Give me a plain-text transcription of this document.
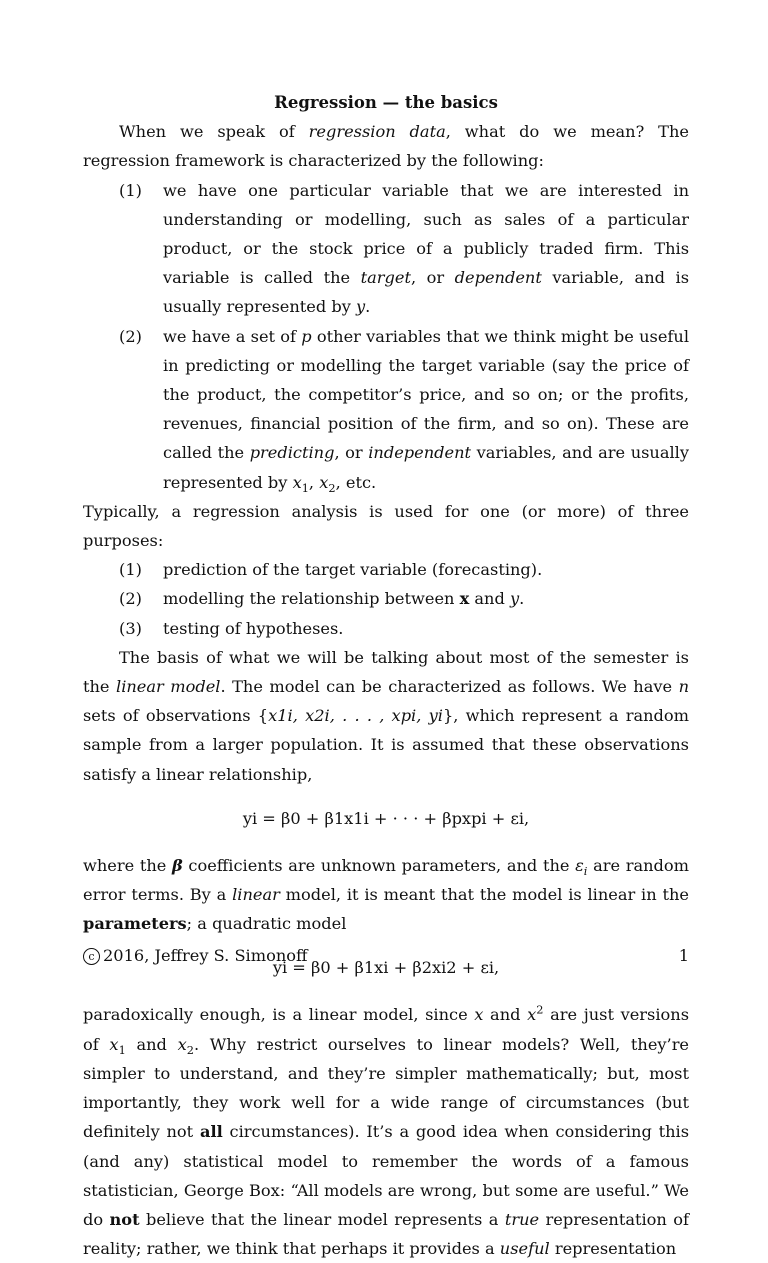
Regression — the basics

When we speak of regression data, what do we mean? The regression framework is characterized by the following:

(1)	we have one particular variable that we are interested in understanding or modelling, such as sales of a particular product, or the stock price of a publicly traded firm. This variable is called the target, or dependent variable, and is usually represented by y.
(2)	we have a set of p other variables that we think might be useful in predicting or modelling the target variable (say the price of the product, the competitor’s price, and so on; or the profits, revenues, financial position of the firm, and so on). These are called the predicting, or independent variables, and are usually represented by $x_1$, $x_2$, etc.

Typically, a regression analysis is used for one (or more) of three purposes:

(1)	prediction of the target variable (forecasting).
(2)	modelling the relationship between x and y.
(3)	testing of hypotheses.

The basis of what we will be talking about most of the semester is the linear model. The model can be characterized as follows. We have n sets of observations {x1i, x2i, . . . , xpi, yi}, which represent a random sample from a larger population. It is assumed that these observations satisfy a linear relationship,

yi = β0 + β1x1i + · · · + βpxpi + εi,

where the β coefficients are unknown parameters, and the $\varepsilon_i$ are random error terms. By a linear model, it is meant that the model is linear in the parameters; a quadratic model

yi = β0 + β1xi + β2xi2 + εi,

paradoxically enough, is a linear model, since x and $x^2$ are just versions of $x_1$ and $x_2$. Why restrict ourselves to linear models? Well, they’re simpler to understand, and they’re simpler mathematically; but, most importantly, they work well for a wide range of circumstances (but definitely not all circumstances). It’s a good idea when considering this (and any) statistical model to remember the words of a famous statistician, George Box: “All models are wrong, but some are useful.” We do not believe that the linear model represents a true representation of reality; rather, we think that perhaps it provides a useful representation

c 2016, Jeffrey S. Simonoff	1
